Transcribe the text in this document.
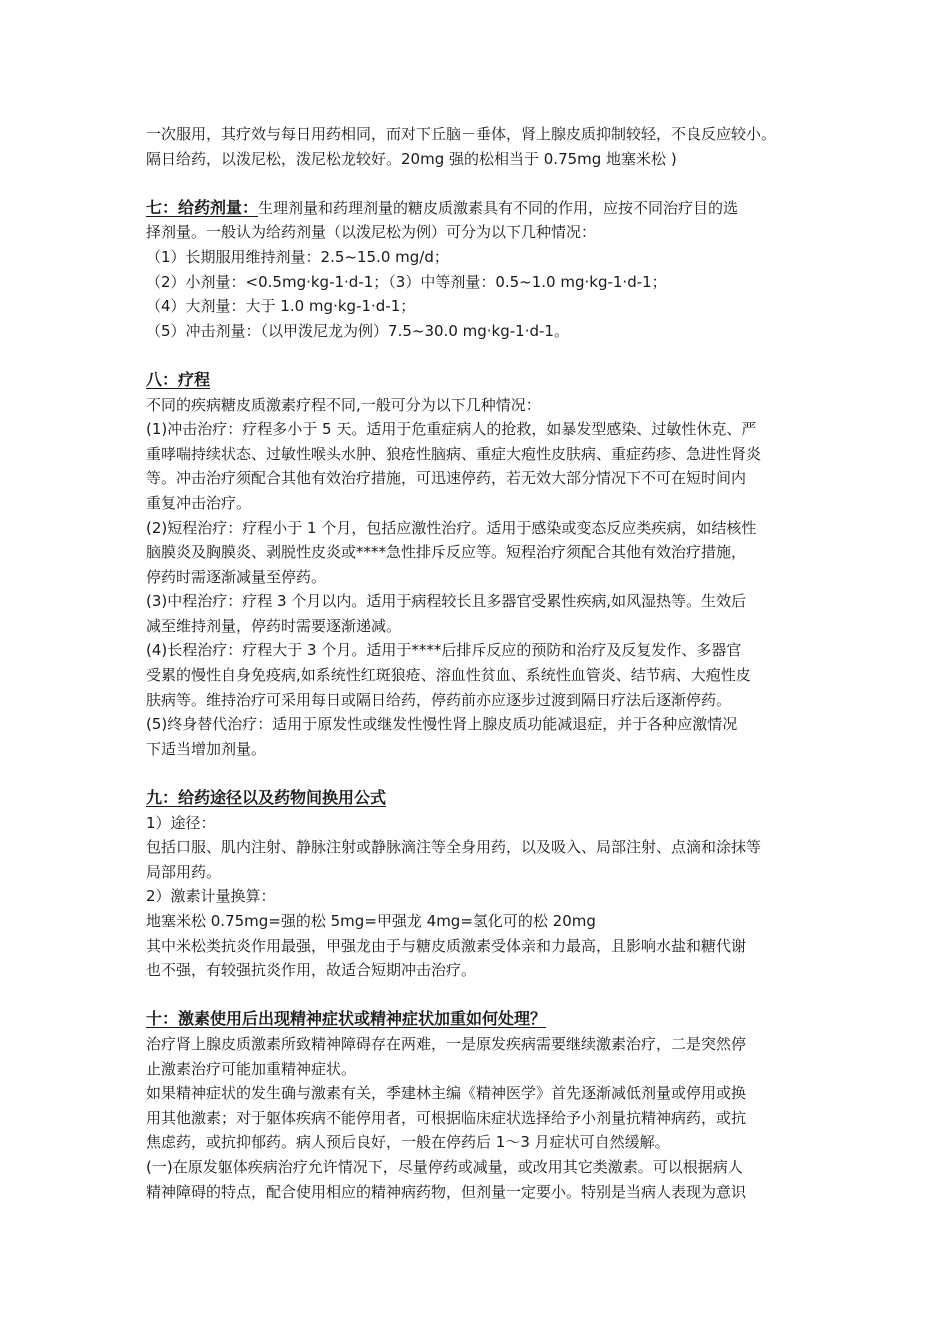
一次服用，其疗效与每日用药相同，而对下丘脑－垂体，肾上腺皮质抑制较轻，不良反应较小。

隔日给药，以泼尼松，泼尼松龙较好。20mg 强的松相当于 0.75mg 地塞米松 )

七：给药剂量：生理剂量和药理剂量的糖皮质激素具有不同的作用，应按不同治疗目的选

择剂量。一般认为给药剂量（以泼尼松为例）可分为以下几种情况：

（1）长期服用维持剂量：2.5~15.0 mg/d；

（2）小剂量：<0.5mg·kg-1·d-1；（3）中等剂量：0.5~1.0 mg·kg-1·d-1；

（4）大剂量：大于 1.0 mg·kg-1·d-1；

（5）冲击剂量：（以甲泼尼龙为例）7.5~30.0 mg·kg-1·d-1。

八：疗程

不同的疾病糖皮质激素疗程不同,一般可分为以下几种情况：

(1)冲击治疗：疗程多小于 5 天。适用于危重症病人的抢救，如暴发型感染、过敏性休克、严

重哮喘持续状态、过敏性喉头水肿、狼疮性脑病、重症大疱性皮肤病、重症药疹、急进性肾炎

等。冲击治疗须配合其他有效治疗措施，可迅速停药，若无效大部分情况下不可在短时间内

重复冲击治疗。

(2)短程治疗：疗程小于 1 个月，包括应激性治疗。适用于感染或变态反应类疾病，如结核性

脑膜炎及胸膜炎、剥脱性皮炎或****急性排斥反应等。短程治疗须配合其他有效治疗措施，

停药时需逐渐减量至停药。

(3)中程治疗：疗程 3 个月以内。适用于病程较长且多器官受累性疾病,如风湿热等。生效后

减至维持剂量，停药时需要逐渐递减。

(4)长程治疗：疗程大于 3 个月。适用于****后排斥反应的预防和治疗及反复发作、多器官

受累的慢性自身免疫病,如系统性红斑狼疮、溶血性贫血、系统性血管炎、结节病、大疱性皮

肤病等。维持治疗可采用每日或隔日给药，停药前亦应逐步过渡到隔日疗法后逐渐停药。

(5)终身替代治疗：适用于原发性或继发性慢性肾上腺皮质功能减退症，并于各种应激情况

下适当增加剂量。

九：给药途径以及药物间换用公式

1）途径：

包括口服、肌内注射、静脉注射或静脉滴注等全身用药，以及吸入、局部注射、点滴和涂抹等

局部用药。

2）激素计量换算：

地塞米松 0.75mg=强的松 5mg=甲强龙 4mg=氢化可的松 20mg

其中米松类抗炎作用最强，甲强龙由于与糖皮质激素受体亲和力最高，且影响水盐和糖代谢

也不强，有较强抗炎作用，故适合短期冲击治疗。

十：激素使用后出现精神症状或精神症状加重如何处理？

治疗肾上腺皮质激素所致精神障碍存在两难，一是原发疾病需要继续激素治疗，二是突然停

止激素治疗可能加重精神症状。

如果精神症状的发生确与激素有关，季建林主编《精神医学》首先逐渐减低剂量或停用或换

用其他激素；对于躯体疾病不能停用者，可根据临床症状选择给予小剂量抗精神病药，或抗

焦虑药，或抗抑郁药。病人预后良好，一般在停药后 1～3 月症状可自然缓解。

(一)在原发躯体疾病治疗允许情况下，尽量停药或减量，或改用其它类激素。可以根据病人

精神障碍的特点，配合使用相应的精神病药物，但剂量一定要小。特别是当病人表现为意识
